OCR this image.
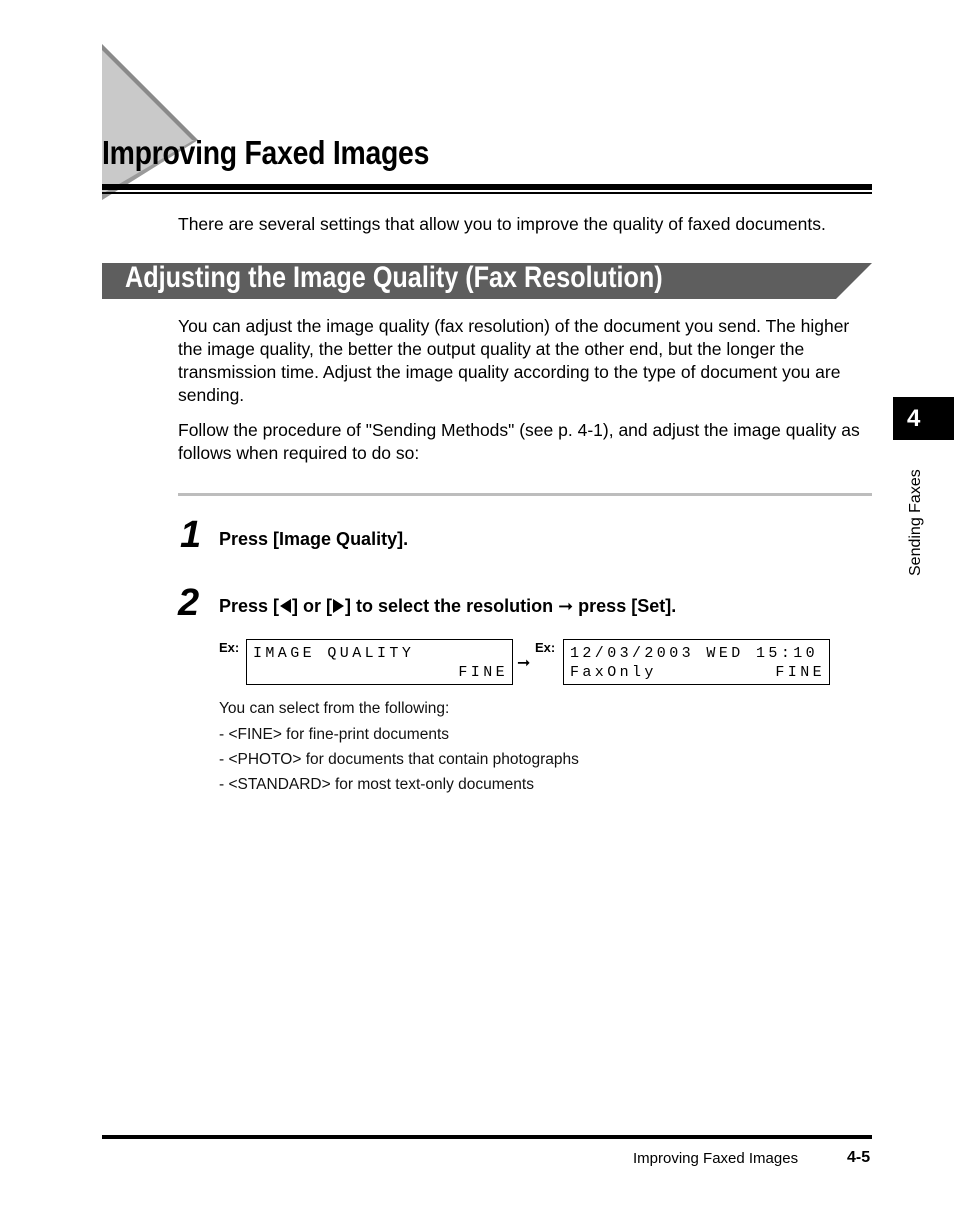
Improving Faxed Images
There are several settings that allow you to improve the quality of faxed documents.
Adjusting the Image Quality (Fax Resolution)

You can adjust the image quality (fax resolution) of the document you send. The higher the image quality, the better the output quality at the other end, but the longer the transmission time. Adjust the image quality according to the type of document you are sending.

Follow the procedure of "Sending Methods" (see p. 4-1), and adjust the image quality as follows when required to do so:

1 Press [Image Quality].
2 Press [ ] or [ ] to select the resolution ➞ press [Set].
Ex: IMAGE QUALITY
FINE
➞
Ex: 12/03/2003 WED 15:10
FaxOnly	FINE
You can select from the following:
- <FINE> for fine-print documents
- <PHOTO> for documents that contain photographs
- <STANDARD> for most text-only documents
4
Sending Faxes
Improving Faxed Images	4-5
